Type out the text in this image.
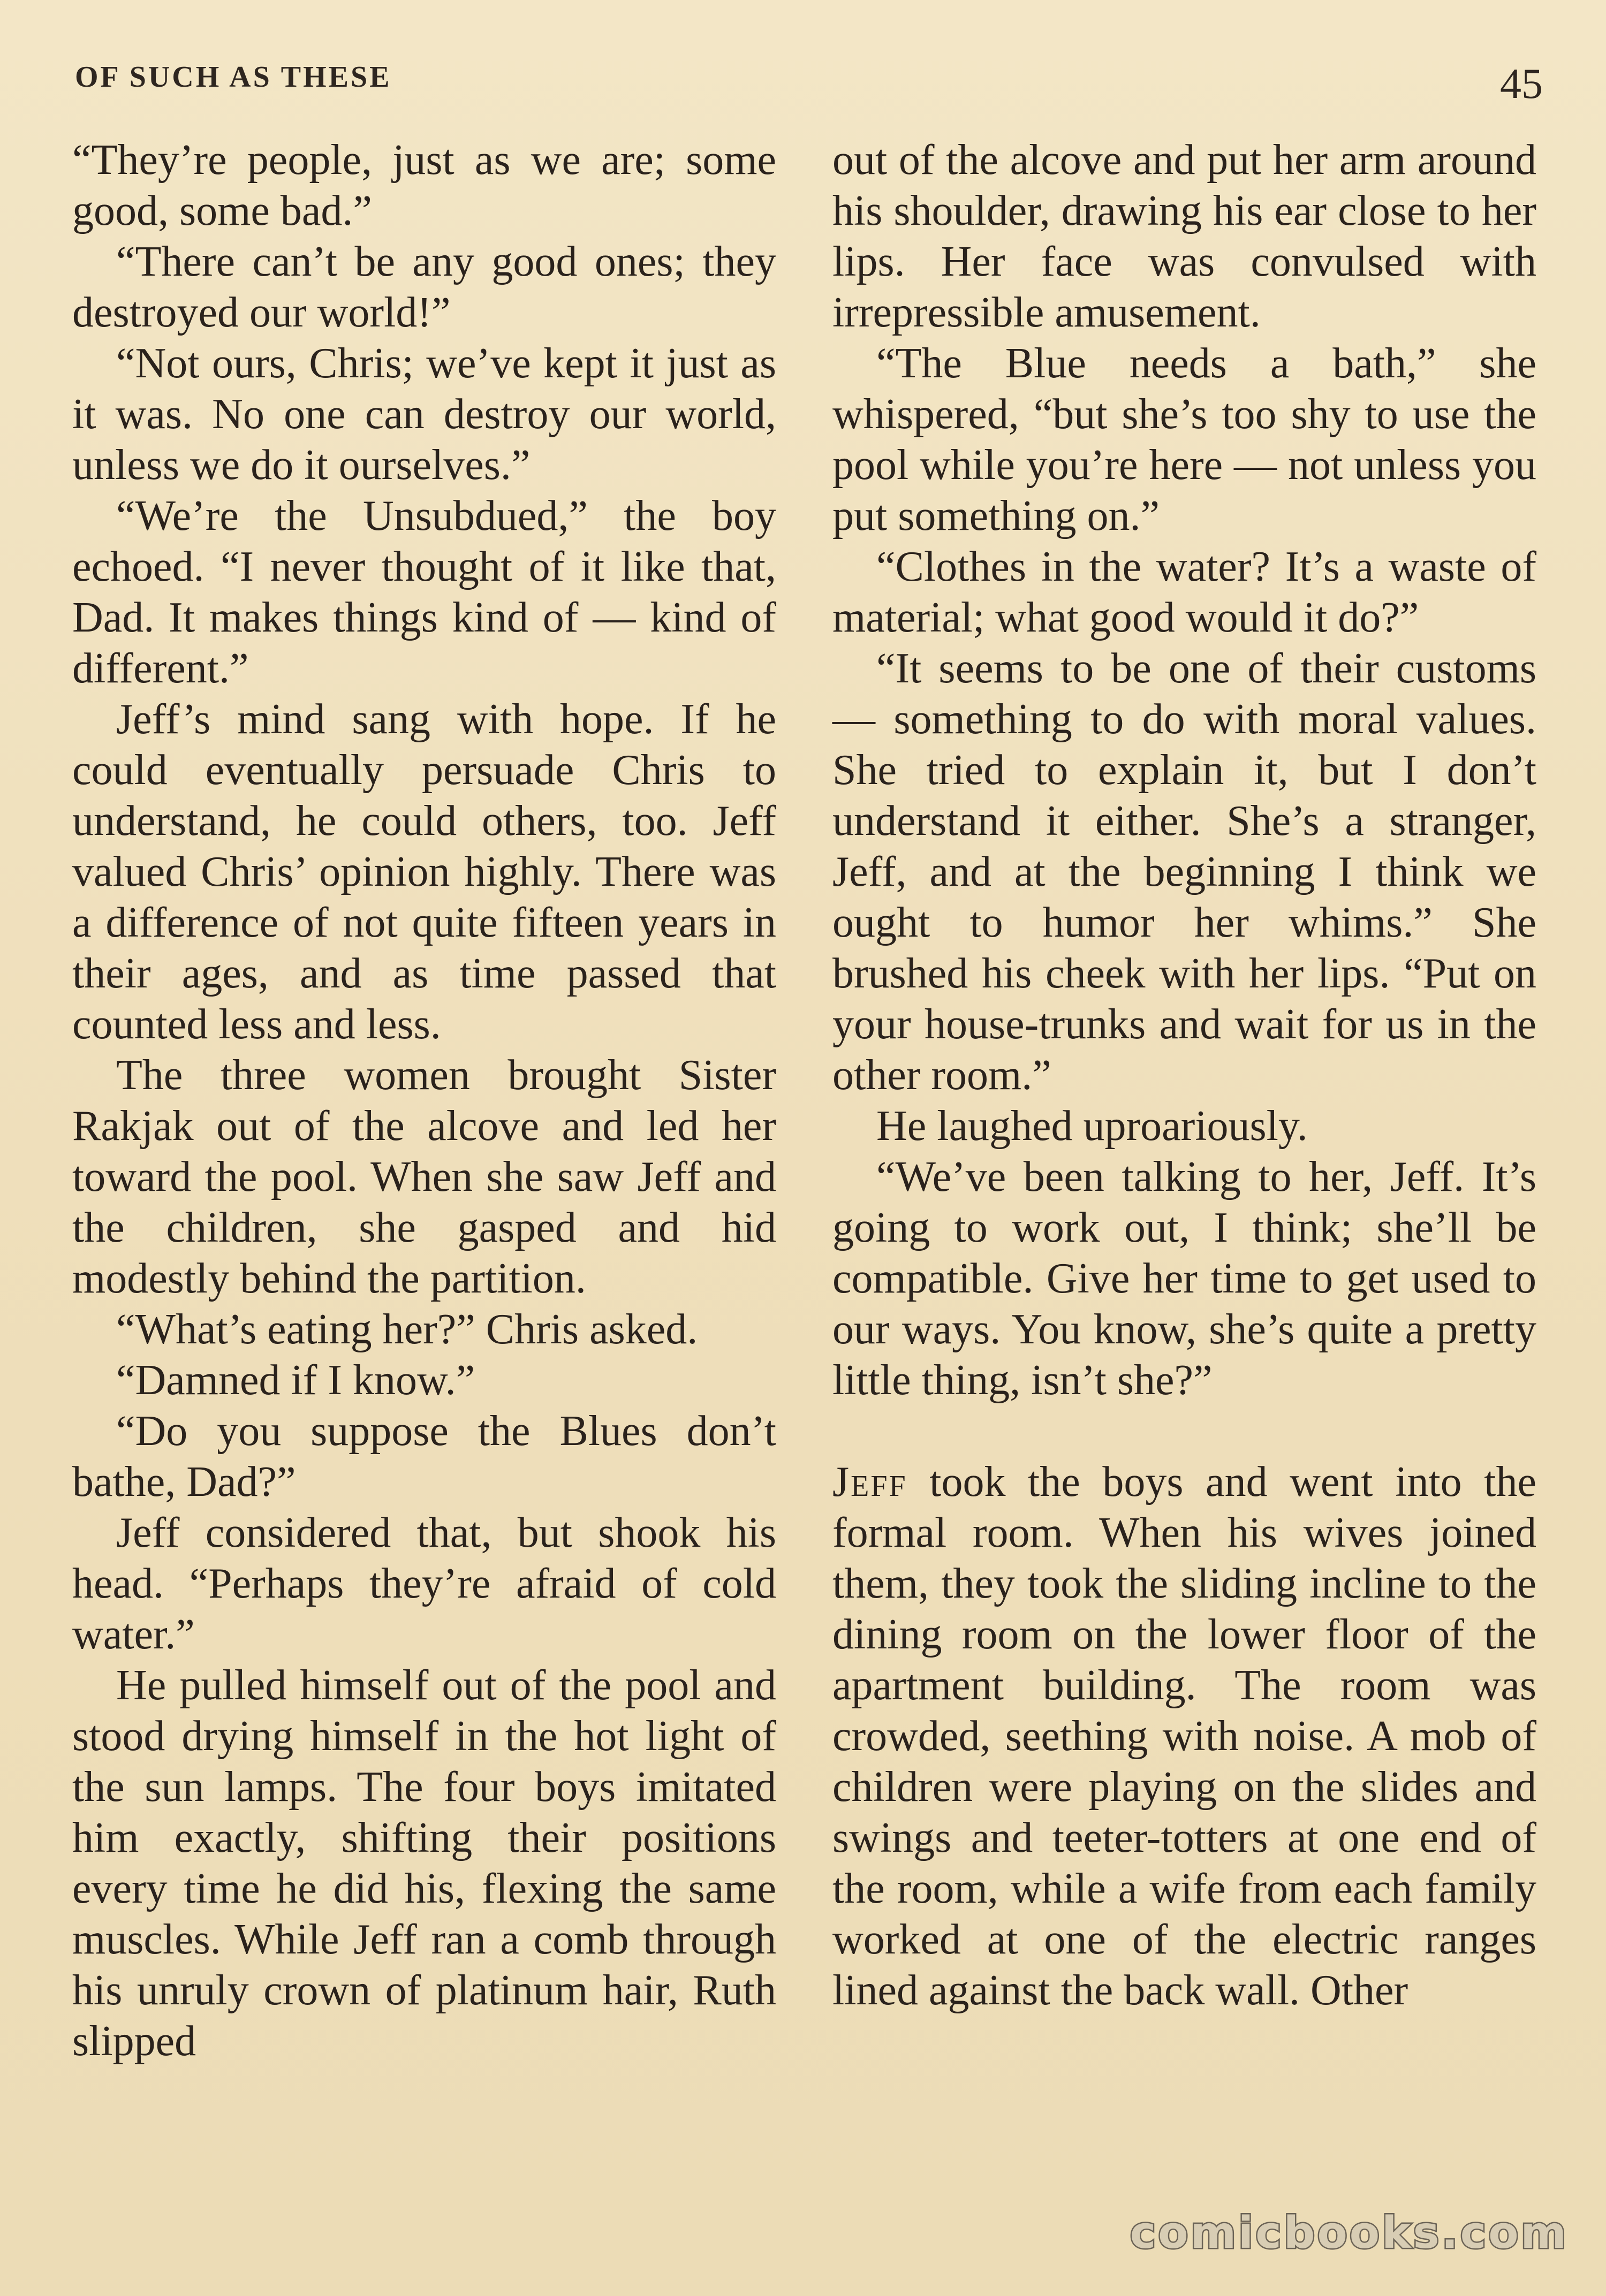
OF SUCH AS THESE	45

“They’re people, just as we are; some good, some bad.”

“There can’t be any good ones; they destroyed our world!”

“Not ours, Chris; we’ve kept it just as it was. No one can destroy our world, unless we do it ourselves.”

“We’re the Unsubdued,” the boy echoed. “I never thought of it like that, Dad. It makes things kind of — kind of different.”

Jeff’s mind sang with hope. If he could eventually persuade Chris to understand, he could others, too. Jeff valued Chris’ opinion highly. There was a difference of not quite fifteen years in their ages, and as time passed that counted less and less.

The three women brought Sister Rakjak out of the alcove and led her toward the pool. When she saw Jeff and the children, she gasped and hid modestly behind the partition.

“What’s eating her?” Chris asked.

“Damned if I know.”

“Do you suppose the Blues don’t bathe, Dad?”

Jeff considered that, but shook his head. “Perhaps they’re afraid of cold water.”

He pulled himself out of the pool and stood drying himself in the hot light of the sun lamps. The four boys imitated him exactly, shifting their positions every time he did his, flexing the same muscles. While Jeff ran a comb through his unruly crown of platinum hair, Ruth slipped

out of the alcove and put her arm around his shoulder, drawing his ear close to her lips. Her face was convulsed with irrepressible amusement.

“The Blue needs a bath,” she whispered, “but she’s too shy to use the pool while you’re here — not unless you put something on.”

“Clothes in the water? It’s a waste of material; what good would it do?”

“It seems to be one of their customs — something to do with moral values. She tried to explain it, but I don’t understand it either. She’s a stranger, Jeff, and at the beginning I think we ought to humor her whims.” She brushed his cheek with her lips. “Put on your house-trunks and wait for us in the other room.”

He laughed uproariously.

“We’ve been talking to her, Jeff. It’s going to work out, I think; she’ll be compatible. Give her time to get used to our ways. You know, she’s quite a pretty little thing, isn’t she?”

Jeff took the boys and went into the formal room. When his wives joined them, they took the sliding incline to the dining room on the lower floor of the apartment building. The room was crowded, seething with noise. A mob of children were playing on the slides and swings and teeter-totters at one end of the room, while a wife from each family worked at one of the electric ranges lined against the back wall. Other

comicbooks.com
